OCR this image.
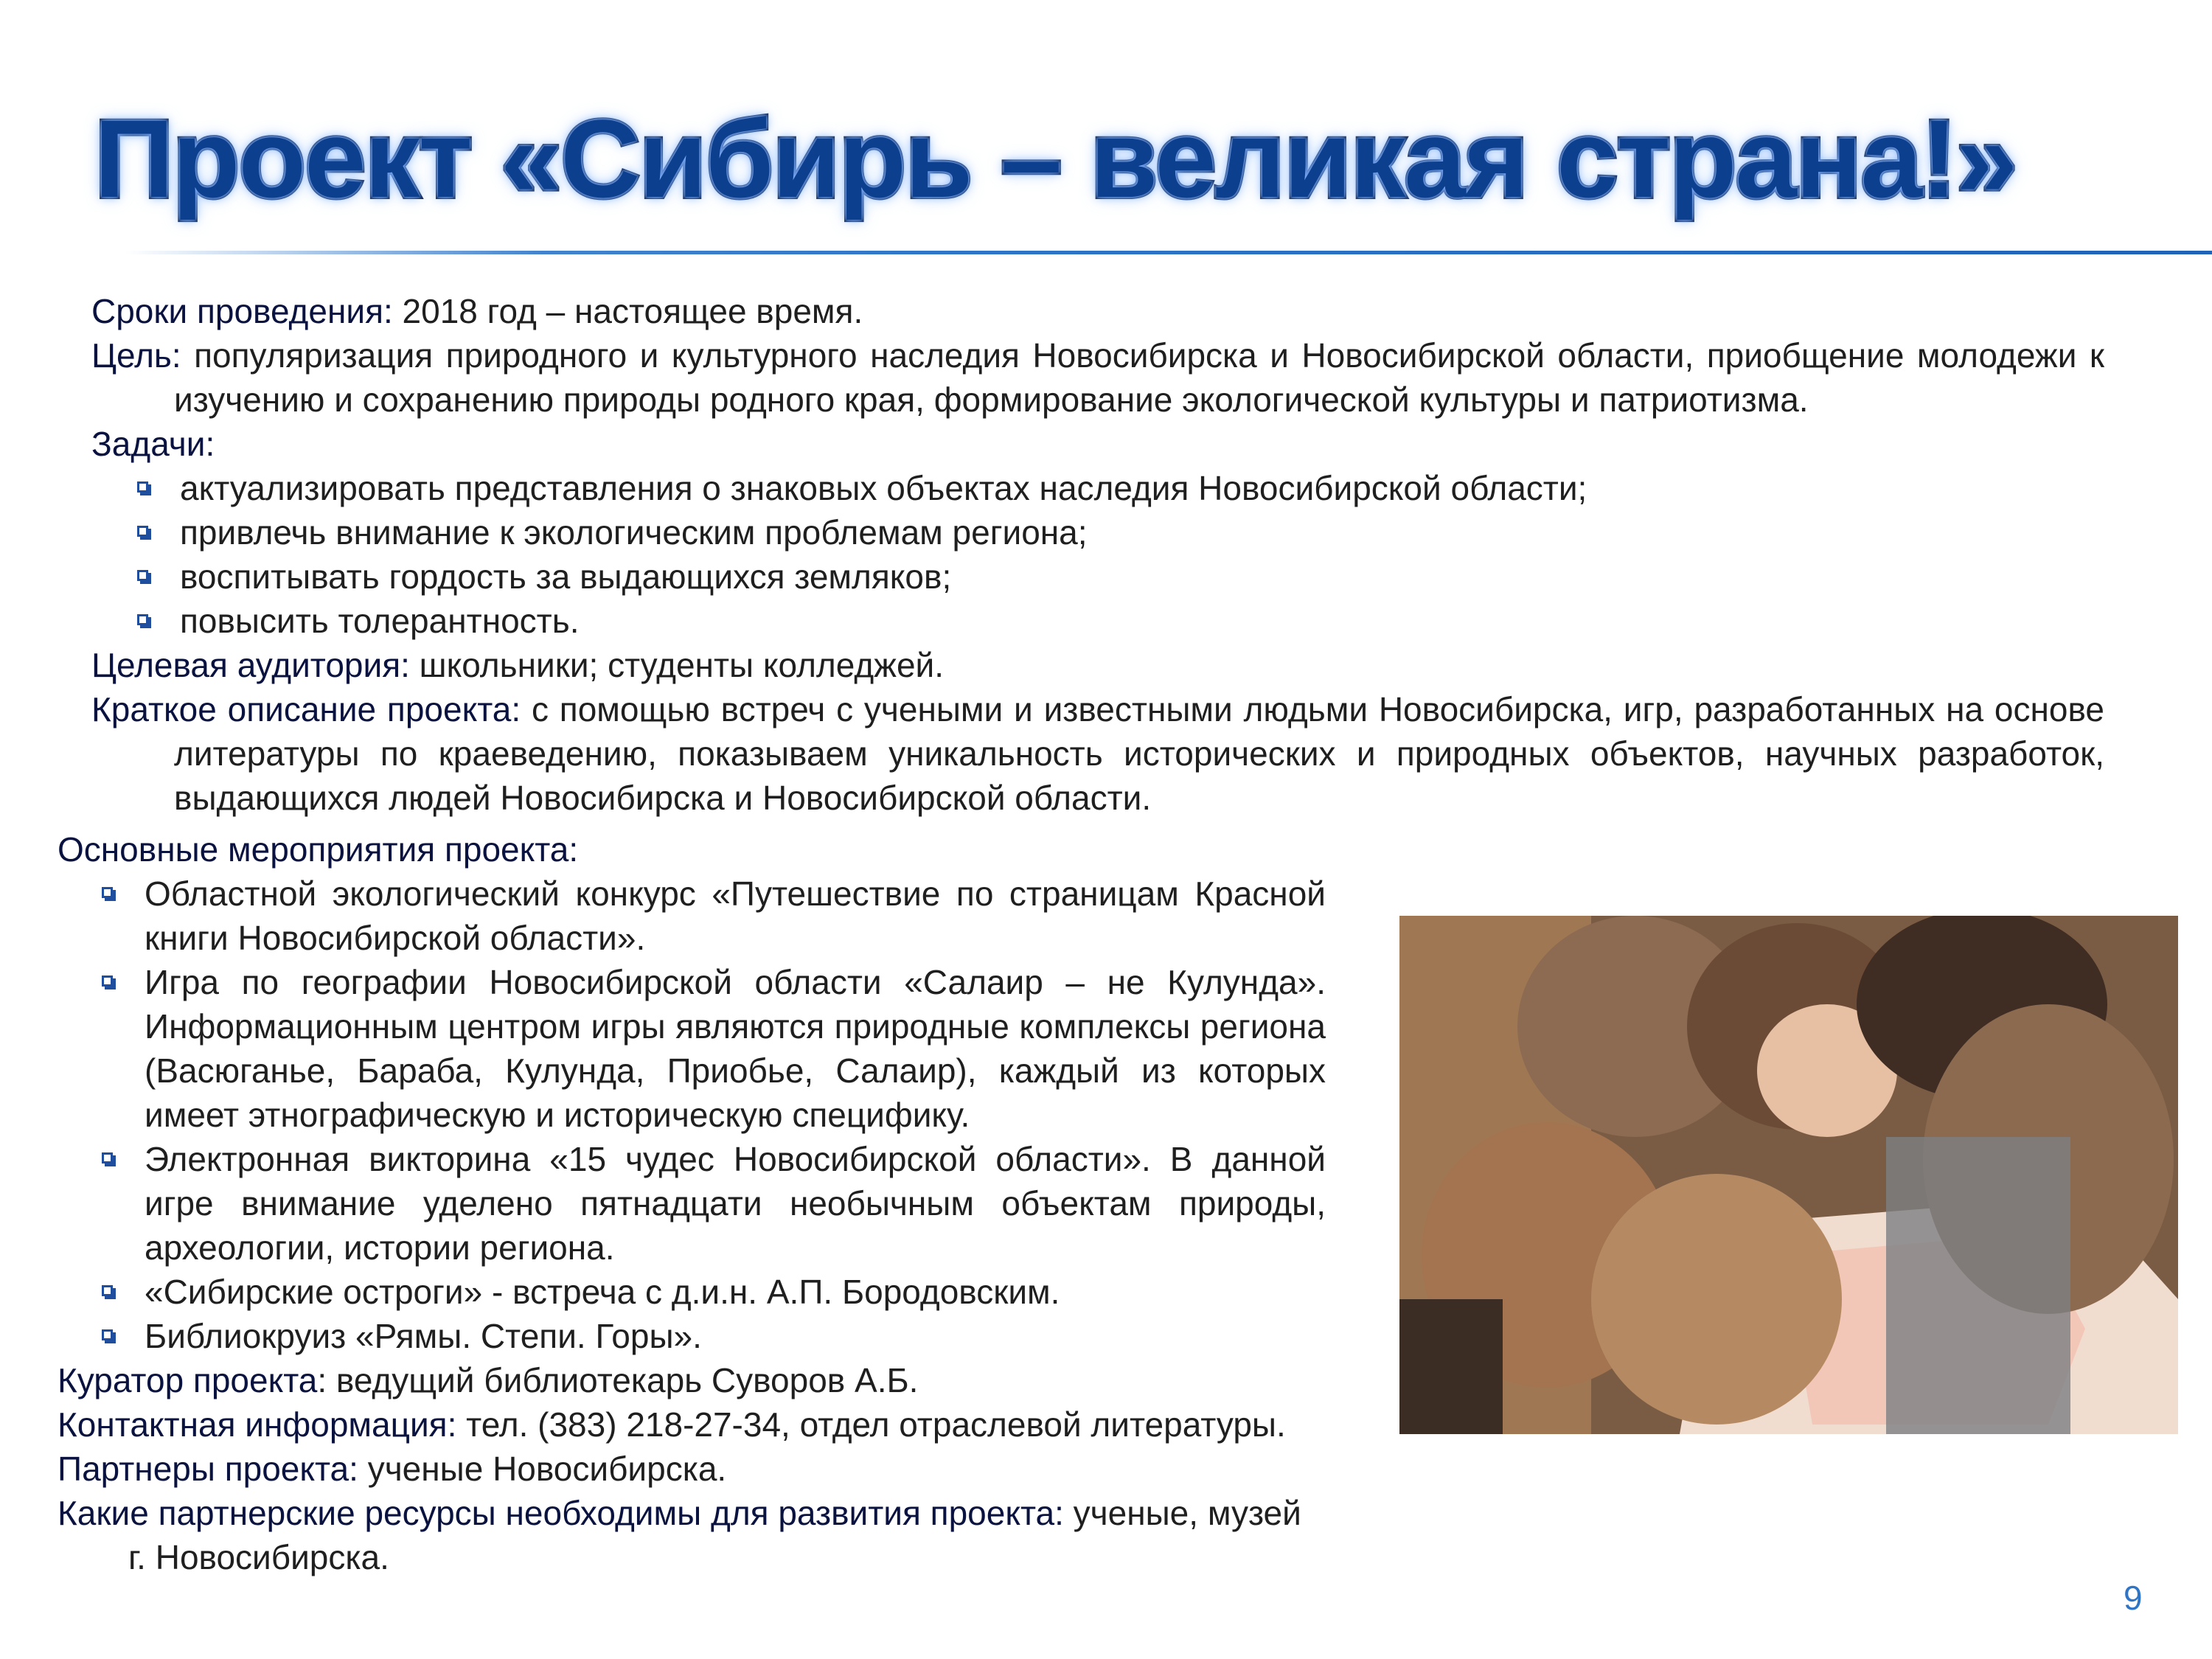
Проект «Сибирь – великая страна!»

Сроки проведения: 2018 год – настоящее время.

Цель: популяризация природного и культурного наследия Новосибирска и Новосибирской области, приобщение молодежи к изучению и сохранению природы родного края, формирование экологической культуры и патриотизма.

Задачи:

актуализировать представления о знаковых объектах наследия Новосибирской области;

привлечь внимание к экологическим проблемам региона;

воспитывать гордость за выдающихся земляков;

повысить толерантность.

Целевая аудитория: школьники; студенты колледжей.

Краткое описание проекта: с помощью встреч с учеными и известными людьми Новосибирска, игр, разработанных на основе литературы по краеведению, показываем уникальность исторических и природных объектов, научных разработок, выдающихся людей Новосибирска и Новосибирской области.

Основные мероприятия проекта:

Областной экологический конкурс «Путешествие по страницам Красной книги Новосибирской области».

Игра по географии Новосибирской области «Салаир – не Кулунда». Информационным центром игры являются природные комплексы региона (Васюганье, Бараба, Кулунда, Приобье, Салаир), каждый из которых имеет этнографическую и историческую специфику.

Электронная викторина «15 чудес Новосибирской области». В данной игре внимание уделено пятнадцати необычным объектам природы, археологии, истории региона.

«Сибирские остроги» - встреча с д.и.н. А.П. Бородовским.

Библиокруиз «Рямы. Степи. Горы».

Куратор проекта: ведущий библиотекарь Суворов А.Б.

Контактная информация: тел. (383) 218-27-34, отдел отраслевой литературы.

Партнеры проекта: ученые Новосибирска.

Какие партнерские ресурсы необходимы для развития проекта: ученые, музей г. Новосибирска.

9
